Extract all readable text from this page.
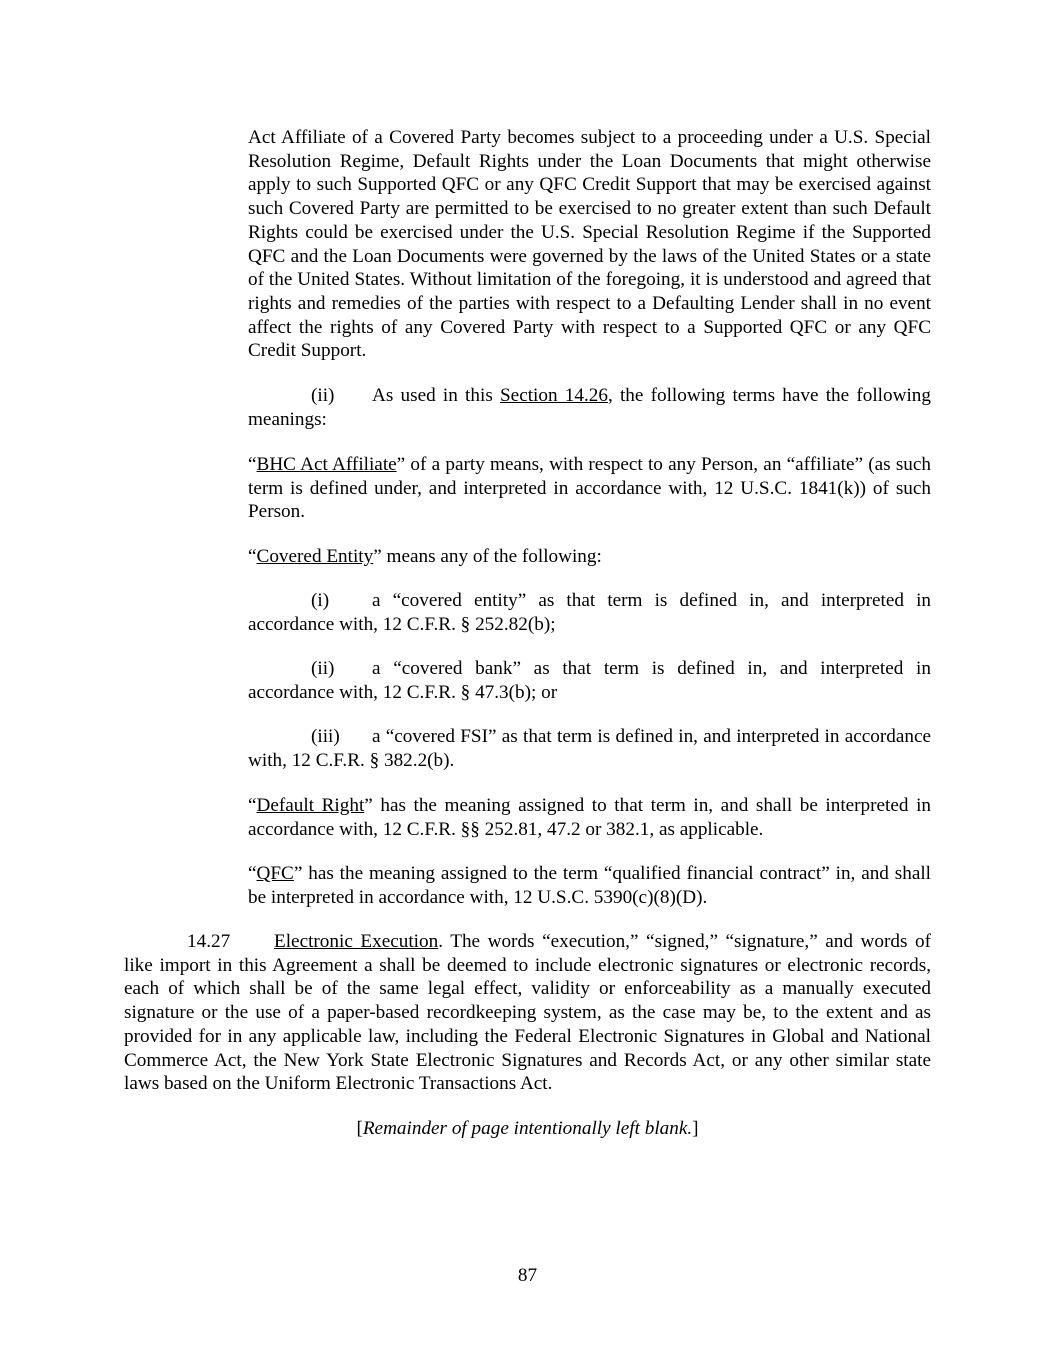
Act Affiliate of a Covered Party becomes subject to a proceeding under a U.S. Special Resolution Regime, Default Rights under the Loan Documents that might otherwise apply to such Supported QFC or any QFC Credit Support that may be exercised against such Covered Party are permitted to be exercised to no greater extent than such Default Rights could be exercised under the U.S. Special Resolution Regime if the Supported QFC and the Loan Documents were governed by the laws of the United States or a state of the United States. Without limitation of the foregoing, it is understood and agreed that rights and remedies of the parties with respect to a Defaulting Lender shall in no event affect the rights of any Covered Party with respect to a Supported QFC or any QFC Credit Support.

(ii) As used in this Section 14.26, the following terms have the following meanings:

“BHC Act Affiliate” of a party means, with respect to any Person, an “affiliate” (as such term is defined under, and interpreted in accordance with, 12 U.S.C. 1841(k)) of such Person.

“Covered Entity” means any of the following:

(i) a “covered entity” as that term is defined in, and interpreted in accordance with, 12 C.F.R. § 252.82(b);

(ii) a “covered bank” as that term is defined in, and interpreted in accordance with, 12 C.F.R. § 47.3(b); or

(iii) a “covered FSI” as that term is defined in, and interpreted in accordance with, 12 C.F.R. § 382.2(b).

“Default Right” has the meaning assigned to that term in, and shall be interpreted in accordance with, 12 C.F.R. §§ 252.81, 47.2 or 382.1, as applicable.

“QFC” has the meaning assigned to the term “qualified financial contract” in, and shall be interpreted in accordance with, 12 U.S.C. 5390(c)(8)(D).

14.27 Electronic Execution. The words “execution,” “signed,” “signature,” and words of like import in this Agreement a shall be deemed to include electronic signatures or electronic records, each of which shall be of the same legal effect, validity or enforceability as a manually executed signature or the use of a paper-based recordkeeping system, as the case may be, to the extent and as provided for in any applicable law, including the Federal Electronic Signatures in Global and National Commerce Act, the New York State Electronic Signatures and Records Act, or any other similar state laws based on the Uniform Electronic Transactions Act.

[Remainder of page intentionally left blank.]

87
